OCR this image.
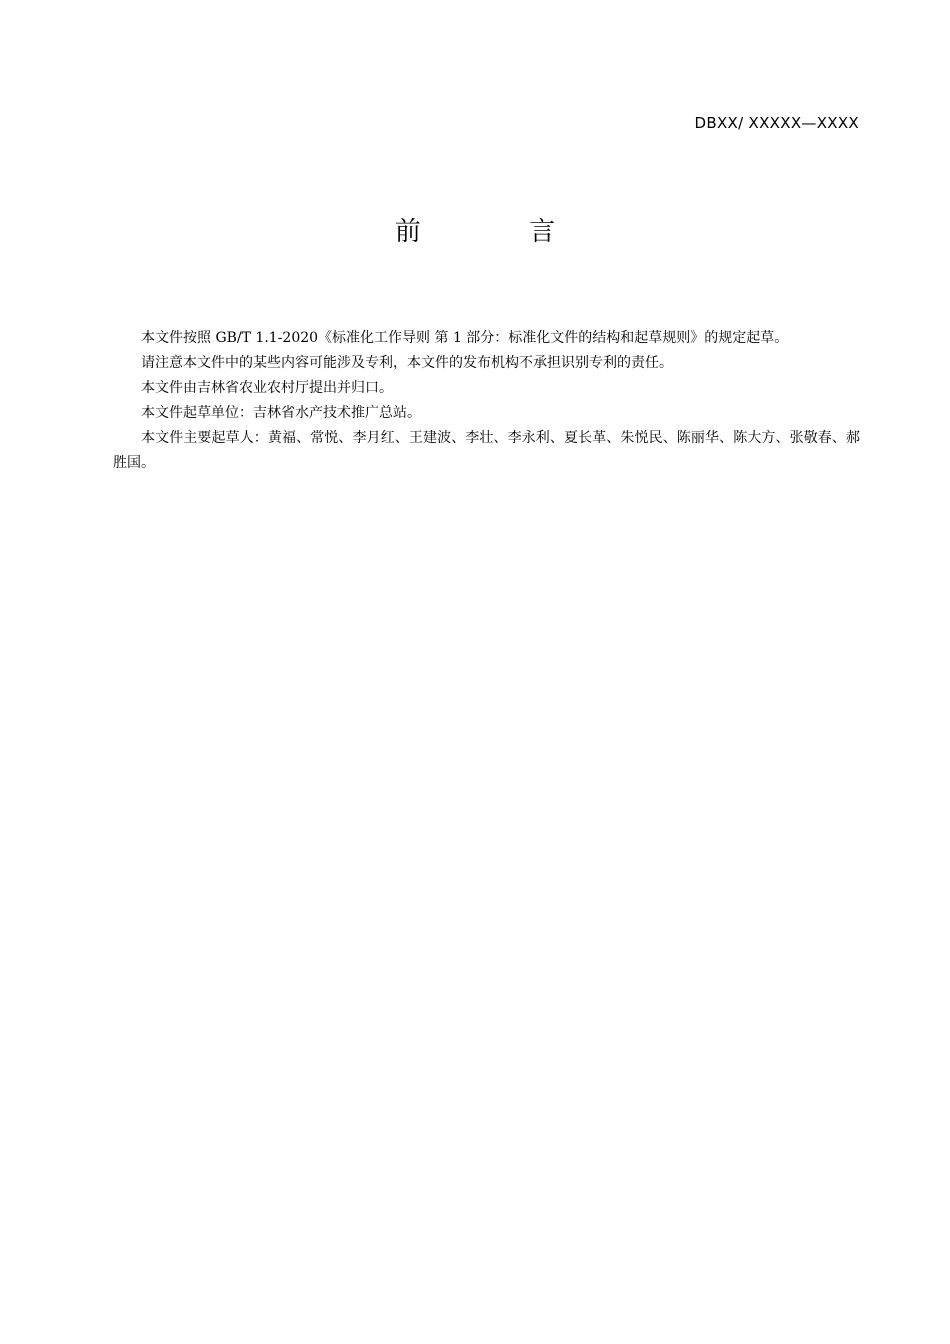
DBXX/ XXXXX—XXXX
前 言

本文件按照 GB/T 1.1-2020《标准化工作导则 第 1 部分：标准化文件的结构和起草规则》的规定起草。

请注意本文件中的某些内容可能涉及专利，本文件的发布机构不承担识别专利的责任。

本文件由吉林省农业农村厅提出并归口。

本文件起草单位：吉林省水产技术推广总站。

本文件主要起草人：黄福、常悦、李月红、王建波、李壮、李永利、夏长革、朱悦民、陈丽华、陈大方、张敬春、郝胜国。
